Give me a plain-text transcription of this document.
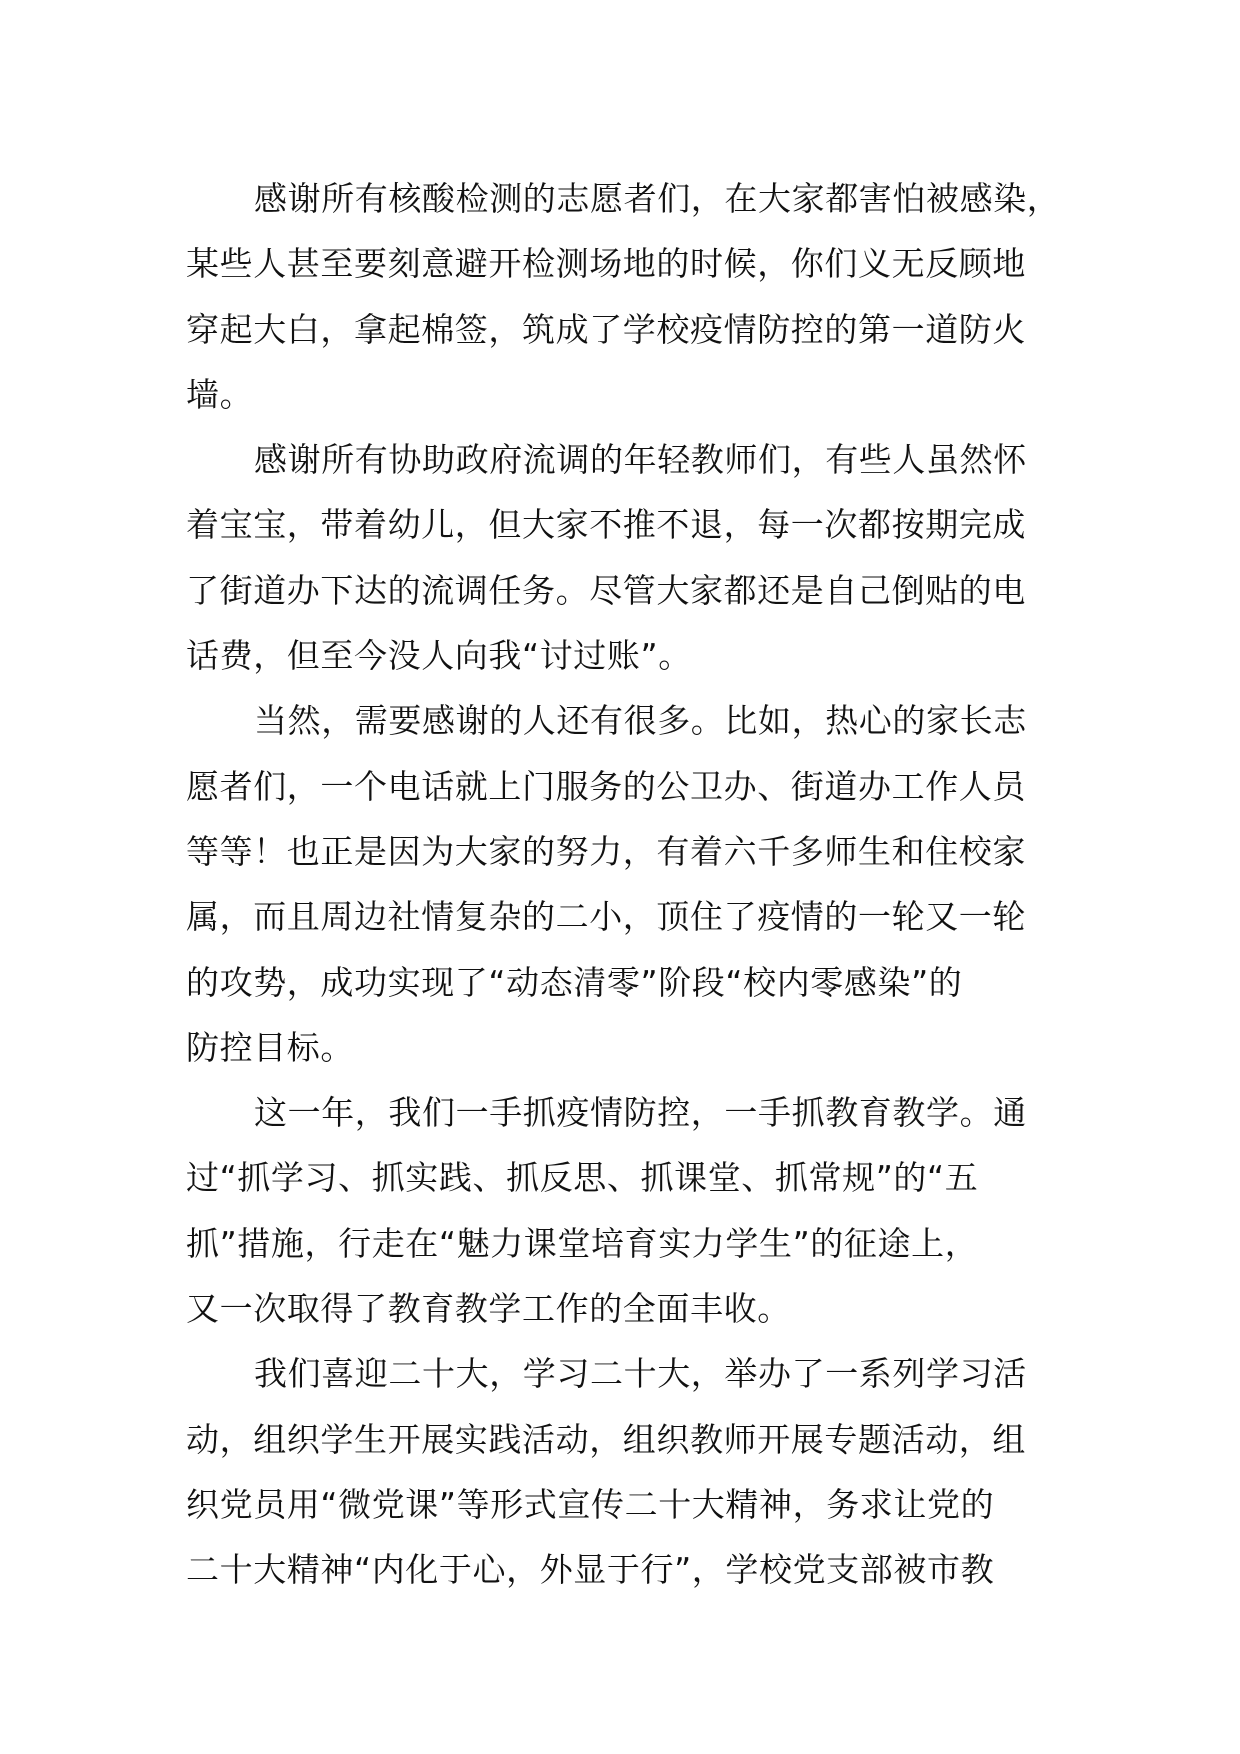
感谢所有核酸检测的志愿者们，在大家都害怕被感染，
某些人甚至要刻意避开检测场地的时候，你们义无反顾地
穿起大白，拿起棉签，筑成了学校疫情防控的第一道防火
墙。
感谢所有协助政府流调的年轻教师们，有些人虽然怀
着宝宝，带着幼儿，但大家不推不退，每一次都按期完成
了街道办下达的流调任务。尽管大家都还是自己倒贴的电
话费，但至今没人向我“讨过账”。
当然，需要感谢的人还有很多。比如，热心的家长志
愿者们，一个电话就上门服务的公卫办、街道办工作人员
等等！也正是因为大家的努力，有着六千多师生和住校家
属，而且周边社情复杂的二小，顶住了疫情的一轮又一轮
的攻势，成功实现了“动态清零”阶段“校内零感染”的
防控目标。
这一年，我们一手抓疫情防控，一手抓教育教学。通
过“抓学习、抓实践、抓反思、抓课堂、抓常规”的“五
抓”措施，行走在“魅力课堂培育实力学生”的征途上，
又一次取得了教育教学工作的全面丰收。
我们喜迎二十大，学习二十大，举办了一系列学习活
动，组织学生开展实践活动，组织教师开展专题活动，组
织党员用“微党课”等形式宣传二十大精神，务求让党的
二十大精神“内化于心，外显于行”，学校党支部被市教
